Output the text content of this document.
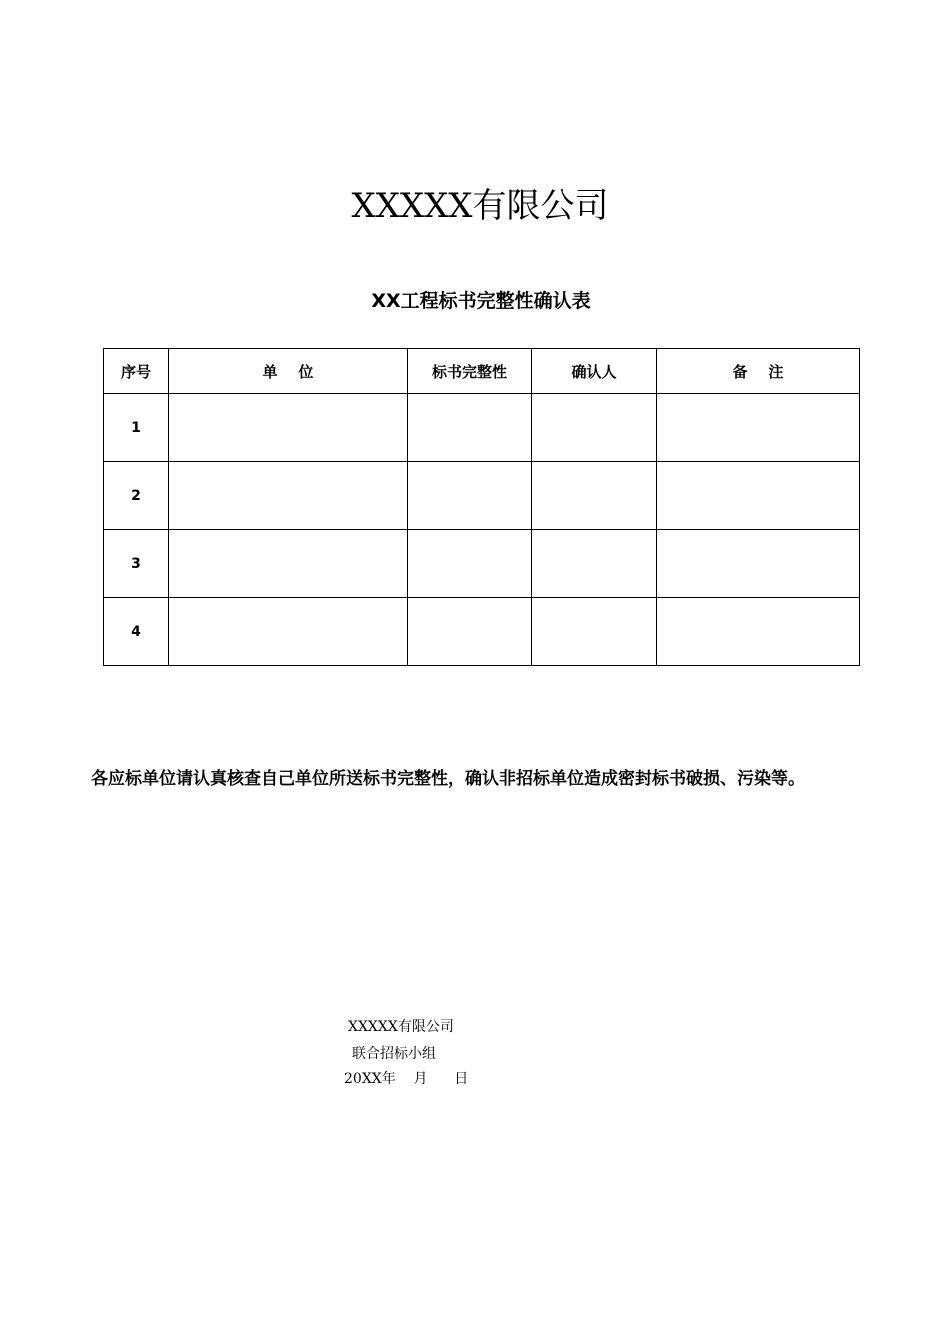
XXXXX有限公司
XX工程标书完整性确认表
序号	单    位	标书完整性	确认人	备    注
1				
2				
3				
4				
各应标单位请认真核查自己单位所送标书完整性，确认非招标单位造成密封标书破损、污染等。
XXXXX有限公司
联合招标小组
20XX年    月      日
